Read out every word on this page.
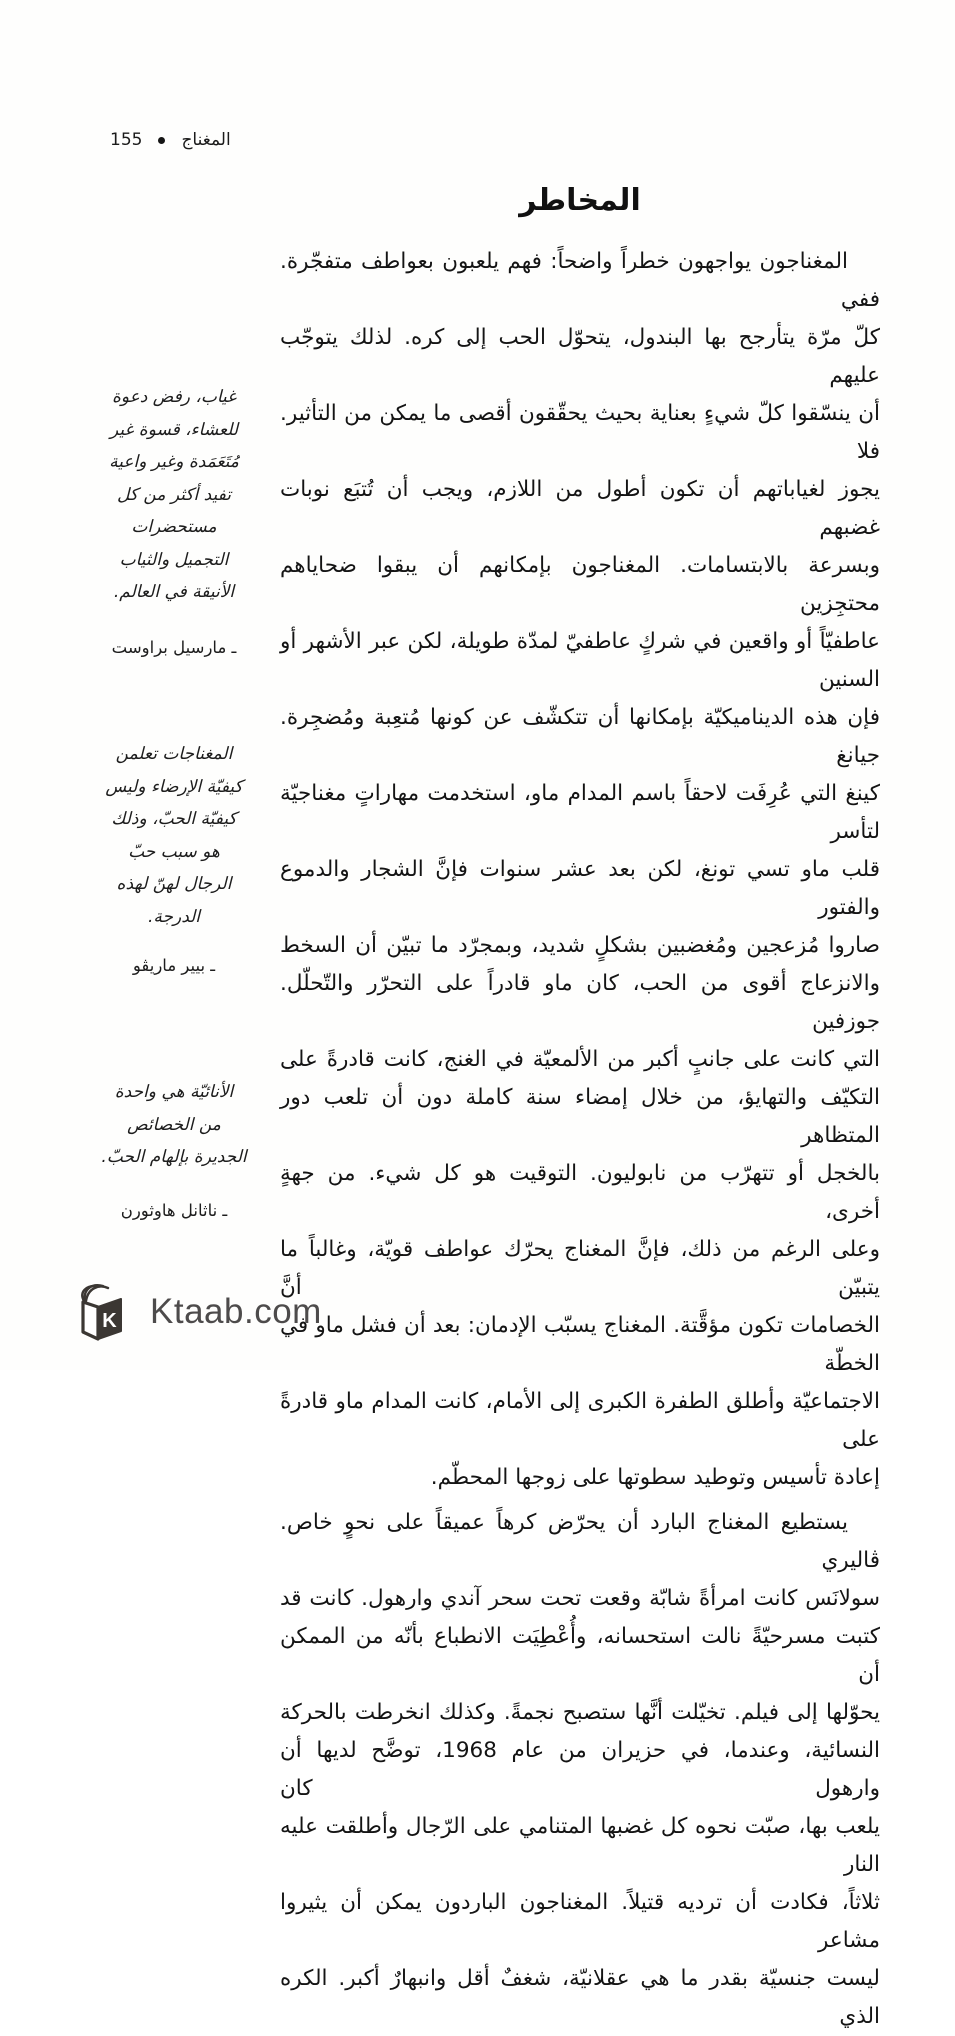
المغناج
155
غياب، رفض دعوة
للعشاء، قسوة غير
مُتَعَمَدة وغير واعية
تفيد أكثر من كل
مستحضرات
التجميل والثياب
الأنيقة في العالم.
ـ مارسيل براوست
المغناجات تعلمن
كيفيّة الإرضاء وليس
كيفيّة الحبّ، وذلك
هو سبب حبّ
الرجال لهنّ لهذه
الدرجة.
ـ بيير ماريڤو
الأنائيّة هي واحدة
من الخصائص
الجديرة بإلهام الحبّ.
ـ ناثانل هاوثورن
المخاطر
المغناجون يواجهون خطراً واضحاً: فهم يلعبون بعواطف متفجّرة. ففي
كلّ مرّة يتأرجح بها البندول، يتحوّل الحب إلى كره. لذلك يتوجّب عليهم
أن ينسّقوا كلّ شيءٍ بعناية بحيث يحقّقون أقصى ما يمكن من التأثير. فلا
يجوز لغياباتهم أن تكون أطول من اللازم، ويجب أن تُتبَع نوبات غضبهم
وبسرعة بالابتسامات. المغناجون بإمكانهم أن يبقوا ضحاياهم محتجِزين
عاطفيّاً أو واقعين في شركٍ عاطفيّ لمدّة طويلة، لكن عبر الأشهر أو السنين
فإن هذه الديناميكيّة بإمكانها أن تتكشّف عن كونها مُتعِبة ومُضجِرة. جيانغ
كينغ التي عُرِفَت لاحقاً باسم المدام ماو، استخدمت مهاراتٍ مغناجيّة لتأسر
قلب ماو تسي تونغ، لكن بعد عشر سنوات فإنَّ الشجار والدموع والفتور
صاروا مُزعجين ومُغضبين بشكلٍ شديد، وبمجرّد ما تبيّن أن السخط
والانزعاج أقوى من الحب، كان ماو قادراً على التحرّر والتّحلّل. جوزفين
التي كانت على جانبٍ أكبر من الألمعيّة في الغنج، كانت قادرةً على
التكيّف والتهايؤ، من خلال إمضاء سنة كاملة دون أن تلعب دور المتظاهر
بالخجل أو تتهرّب من نابوليون. التوقيت هو كل شيء. من جهةٍ أخرى،
وعلى الرغم من ذلك، فإنَّ المغناج يحرّك عواطف قويّة، وغالباً ما يتبيّن أنَّ
الخصامات تكون مؤقَّتة. المغناج يسبّب الإدمان: بعد أن فشل ماو في الخطّة
الاجتماعيّة وأطلق الطفرة الكبرى إلى الأمام، كانت المدام ماو قادرةً على
إعادة تأسيس وتوطيد سطوتها على زوجها المحطّم.
يستطيع المغناج البارد أن يحرّض كرهاً عميقاً على نحوٍ خاص. ڤاليري
سولانَس كانت امرأةً شابّة وقعت تحت سحر آندي وارهول. كانت قد
كتبت مسرحيّةً نالت استحسانه، وأُعْطِيَت الانطباع بأنّه من الممكن أن
يحوّلها إلى فيلم. تخيّلت أنَّها ستصبح نجمةً. وكذلك انخرطت بالحركة
النسائية، وعندما، في حزيران من عام 1968، توضَّح لديها أن وارهول كان
يلعب بها، صبّت نحوه كل غضبها المتنامي على الرّجال وأطلقت عليه النار
ثلاثاً، فكادت أن ترديه قتيلاً. المغناجون الباردون يمكن أن يثيروا مشاعر
ليست جنسيّة بقدر ما هي عقلانيّة، شغفٌ أقل وانبهارٌ أكبر. الكره الذي
K Ktaab.com
